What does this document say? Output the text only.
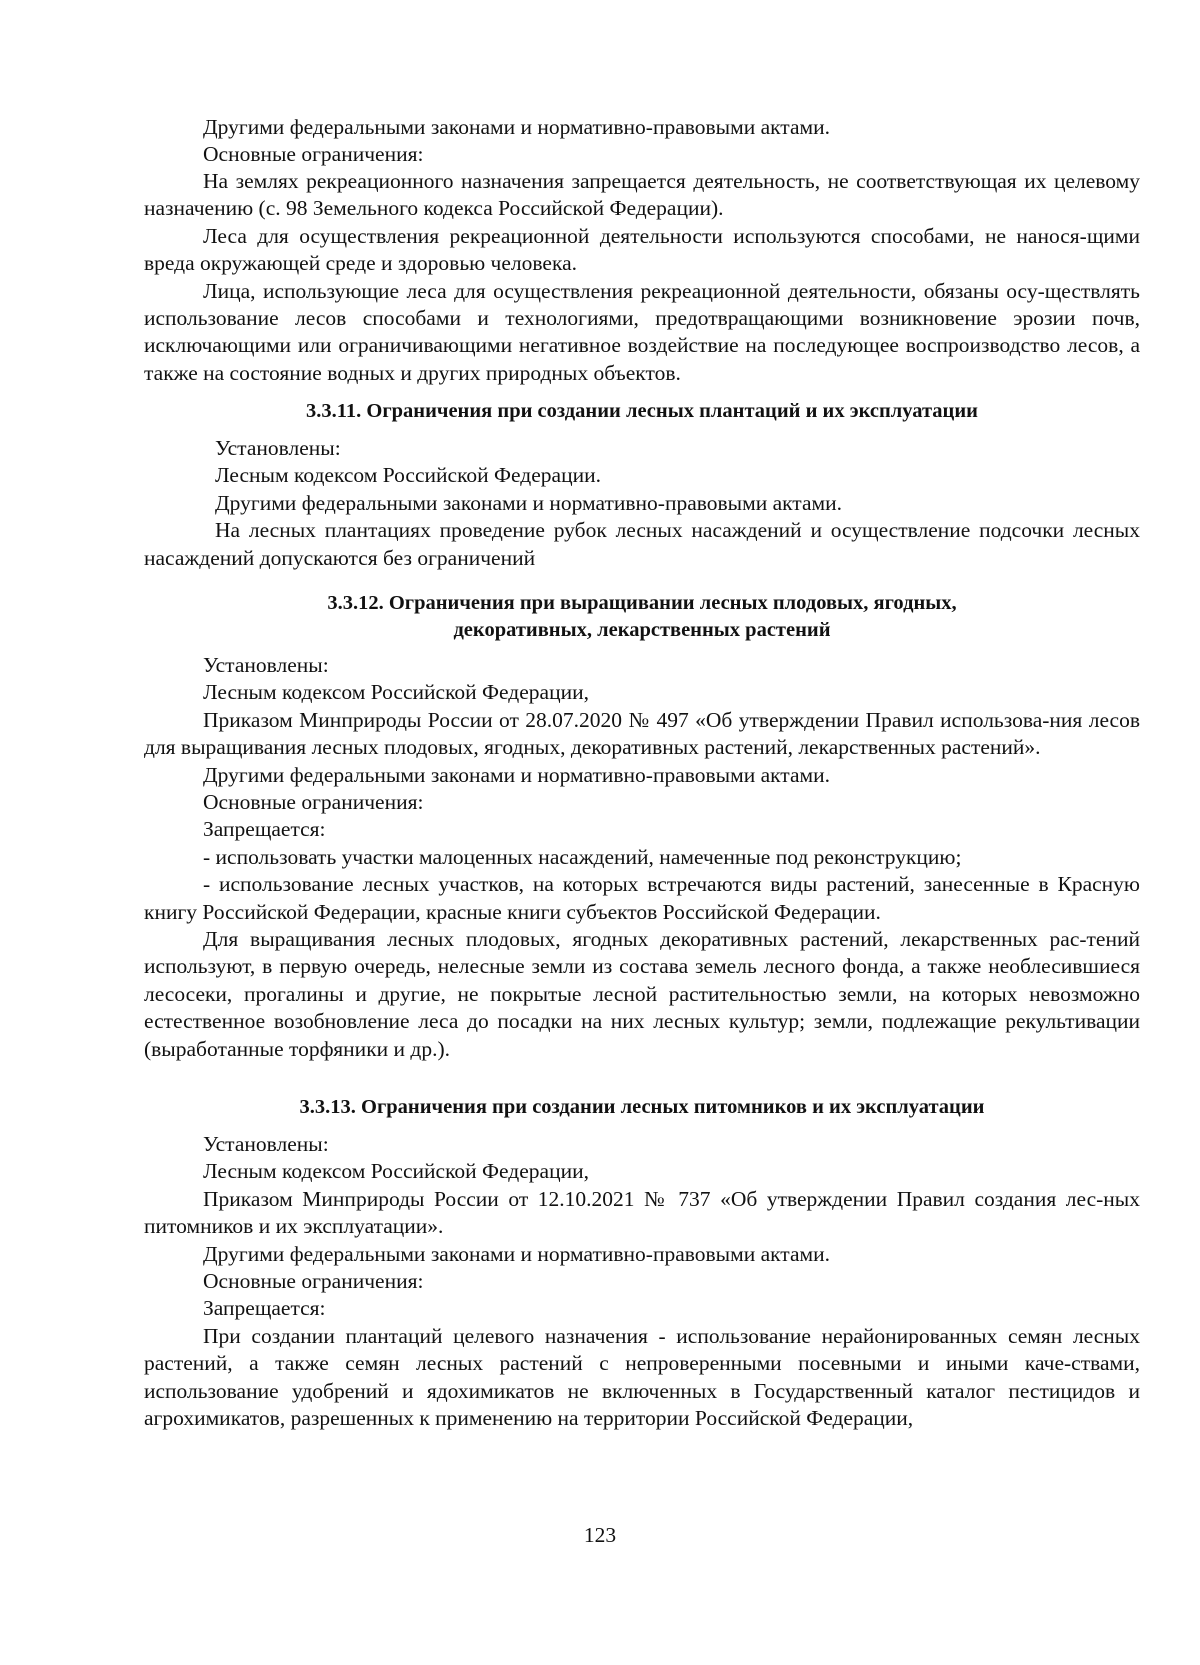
Другими федеральными законами и нормативно-правовыми актами.

Основные ограничения:

На землях рекреационного назначения запрещается деятельность, не соответствующая их целевому назначению (с. 98 Земельного кодекса Российской Федерации).

Леса для осуществления рекреационной деятельности используются способами, не нанося-щими вреда окружающей среде и здоровью человека.

Лица, использующие леса для осуществления рекреационной деятельности, обязаны осу-ществлять использование лесов способами и технологиями, предотвращающими возникновение эрозии почв, исключающими или ограничивающими негативное воздействие на последующее воспроизводство лесов, а также на состояние водных и других природных объектов.

3.3.11. Ограничения при создании лесных плантаций и их эксплуатации

Установлены:

Лесным кодексом Российской Федерации.

Другими федеральными законами и нормативно-правовыми актами.

На лесных плантациях проведение рубок лесных насаждений и осуществление подсочки лесных насаждений допускаются без ограничений

3.3.12. Ограничения при выращивании лесных плодовых, ягодных,

декоративных, лекарственных растений

Установлены:

Лесным кодексом Российской Федерации,

Приказом Минприроды России от 28.07.2020 № 497 «Об утверждении Правил использова-ния лесов для выращивания лесных плодовых, ягодных, декоративных растений, лекарственных растений».

Другими федеральными законами и нормативно-правовыми актами.

Основные ограничения:

Запрещается:

- использовать участки малоценных насаждений, намеченные под реконструкцию;

- использование лесных участков, на которых встречаются виды растений, занесенные в Красную книгу Российской Федерации, красные книги субъектов Российской Федерации.

Для выращивания лесных плодовых, ягодных декоративных растений, лекарственных рас-тений используют, в первую очередь, нелесные земли из состава земель лесного фонда, а также необлесившиеся лесосеки, прогалины и другие, не покрытые лесной растительностью земли, на которых невозможно естественное возобновление леса до посадки на них лесных культур; земли, подлежащие рекультивации (выработанные торфяники и др.).

3.3.13. Ограничения при создании лесных питомников и их эксплуатации

Установлены:

Лесным кодексом Российской Федерации,

Приказом Минприроды России от 12.10.2021 № 737 «Об утверждении Правил создания лес-ных питомников и их эксплуатации».

Другими федеральными законами и нормативно-правовыми актами.

Основные ограничения:

Запрещается:

При создании плантаций целевого назначения - использование нерайонированных семян лесных растений, а также семян лесных растений с непроверенными посевными и иными каче-ствами, использование удобрений и ядохимикатов не включенных в Государственный каталог пестицидов и агрохимикатов, разрешенных к применению на территории Российской Федерации,

123
